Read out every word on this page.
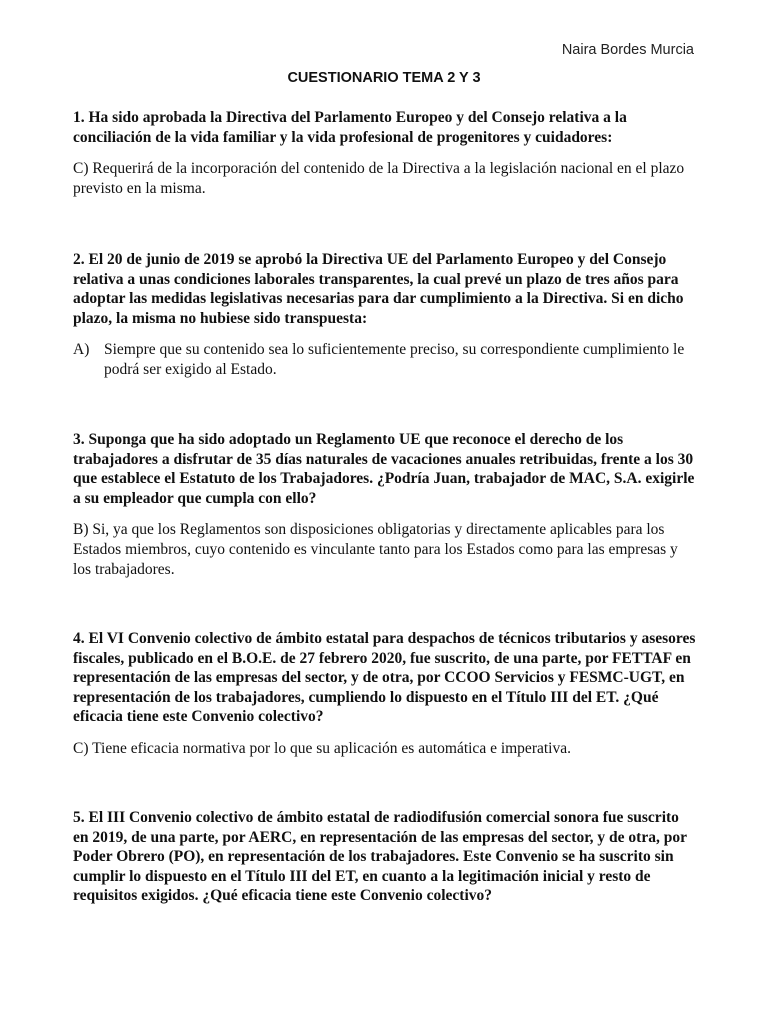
Naira Bordes Murcia
CUESTIONARIO TEMA 2 Y 3
1. Ha sido aprobada la Directiva del Parlamento Europeo y del Consejo relativa a la conciliación de la vida familiar y la vida profesional de progenitores y cuidadores:
C) Requerirá de la incorporación del contenido de la Directiva a la legislación nacional en el plazo previsto en la misma.
2. El 20 de junio de 2019 se aprobó la Directiva UE del Parlamento Europeo y del Consejo relativa a unas condiciones laborales transparentes, la cual prevé un plazo de tres años para adoptar las medidas legislativas necesarias para dar cumplimiento a la Directiva. Si en dicho plazo, la misma no hubiese sido transpuesta:
A) Siempre que su contenido sea lo suficientemente preciso, su correspondiente cumplimiento le podrá ser exigido al Estado.
3. Suponga que ha sido adoptado un Reglamento UE que reconoce el derecho de los trabajadores a disfrutar de 35 días naturales de vacaciones anuales retribuidas, frente a los 30 que establece el Estatuto de los Trabajadores. ¿Podría Juan, trabajador de MAC, S.A. exigirle a su empleador que cumpla con ello?
B) Si, ya que los Reglamentos son disposiciones obligatorias y directamente aplicables para los Estados miembros, cuyo contenido es vinculante tanto para los Estados como para las empresas y los trabajadores.
4. El VI Convenio colectivo de ámbito estatal para despachos de técnicos tributarios y asesores fiscales, publicado en el B.O.E. de 27 febrero 2020, fue suscrito, de una parte, por FETTAF en representación de las empresas del sector, y de otra, por CCOO Servicios y FESMC-UGT, en representación de los trabajadores, cumpliendo lo dispuesto en el Título III del ET. ¿Qué eficacia tiene este Convenio colectivo?
C) Tiene eficacia normativa por lo que su aplicación es automática e imperativa.
5. El III Convenio colectivo de ámbito estatal de radiodifusión comercial sonora fue suscrito en 2019, de una parte, por AERC, en representación de las empresas del sector, y de otra, por Poder Obrero (PO), en representación de los trabajadores. Este Convenio se ha suscrito sin cumplir lo dispuesto en el Título III del ET, en cuanto a la legitimación inicial y resto de requisitos exigidos. ¿Qué eficacia tiene este Convenio colectivo?
